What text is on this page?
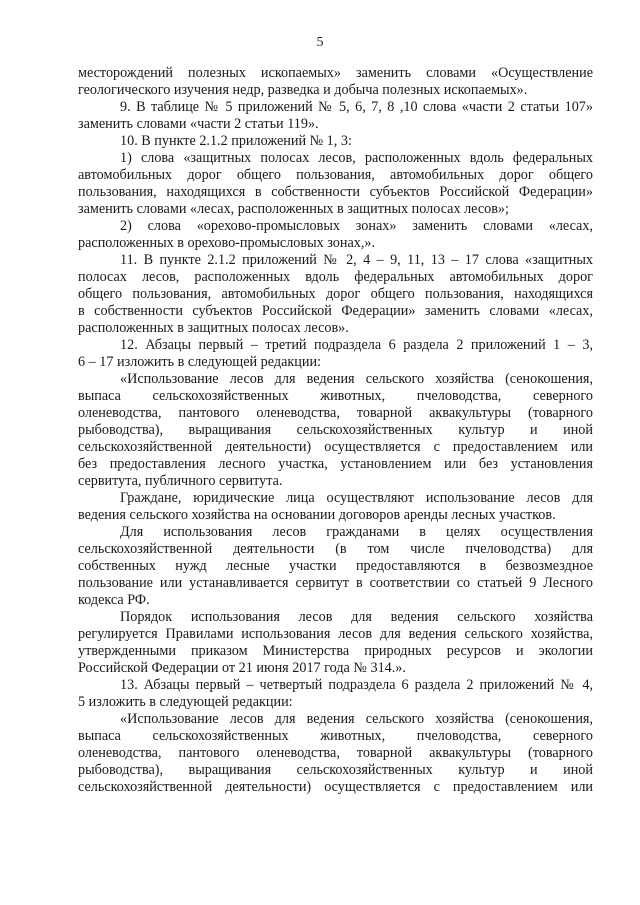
5
месторождений полезных ископаемых» заменить словами «Осуществление
геологического изучения недр, разведка и добыча полезных ископаемых».
9. В таблице № 5 приложений № 5, 6, 7, 8 ,10 слова «части 2 статьи 107»
заменить словами «части 2 статьи 119».
10. В пункте 2.1.2 приложений № 1, 3:
1) слова «защитных полосах лесов, расположенных вдоль федеральных
автомобильных дорог общего пользования, автомобильных дорог общего
пользования, находящихся в собственности субъектов Российской Федерации»
заменить словами «лесах, расположенных в защитных полосах лесов»;
2) слова «орехово-промысловых зонах» заменить словами «лесах,
расположенных в орехово-промысловых зонах,».
11. В пункте 2.1.2 приложений № 2, 4 – 9, 11, 13 – 17 слова «защитных
полосах лесов, расположенных вдоль федеральных автомобильных дорог
общего пользования, автомобильных дорог общего пользования, находящихся
в собственности субъектов Российской Федерации» заменить словами «лесах,
расположенных в защитных полосах лесов».
12. Абзацы первый – третий подраздела 6 раздела 2 приложений 1 – 3,
6 – 17 изложить в следующей редакции:
«Использование лесов для ведения сельского хозяйства (сенокошения,
выпаса сельскохозяйственных животных, пчеловодства, северного
оленеводства, пантового оленеводства, товарной аквакультуры (товарного
рыбоводства), выращивания сельскохозяйственных культур и иной
сельскохозяйственной деятельности) осуществляется с предоставлением или
без предоставления лесного участка, установлением или без установления
сервитута, публичного сервитута.
Граждане, юридические лица осуществляют использование лесов для
ведения сельского хозяйства на основании договоров аренды лесных участков.
Для использования лесов гражданами в целях осуществления
сельскохозяйственной деятельности (в том числе пчеловодства) для
собственных нужд лесные участки предоставляются в безвозмездное
пользование или устанавливается сервитут в соответствии со статьей 9 Лесного
кодекса РФ.
Порядок использования лесов для ведения сельского хозяйства
регулируется Правилами использования лесов для ведения сельского хозяйства,
утвержденными приказом Министерства природных ресурсов и экологии
Российской Федерации от 21 июня 2017 года № 314.».
13. Абзацы первый – четвертый подраздела 6 раздела 2 приложений № 4,
5 изложить в следующей редакции:
«Использование лесов для ведения сельского хозяйства (сенокошения,
выпаса сельскохозяйственных животных, пчеловодства, северного
оленеводства, пантового оленеводства, товарной аквакультуры (товарного
рыбоводства), выращивания сельскохозяйственных культур и иной
сельскохозяйственной деятельности) осуществляется с предоставлением или
